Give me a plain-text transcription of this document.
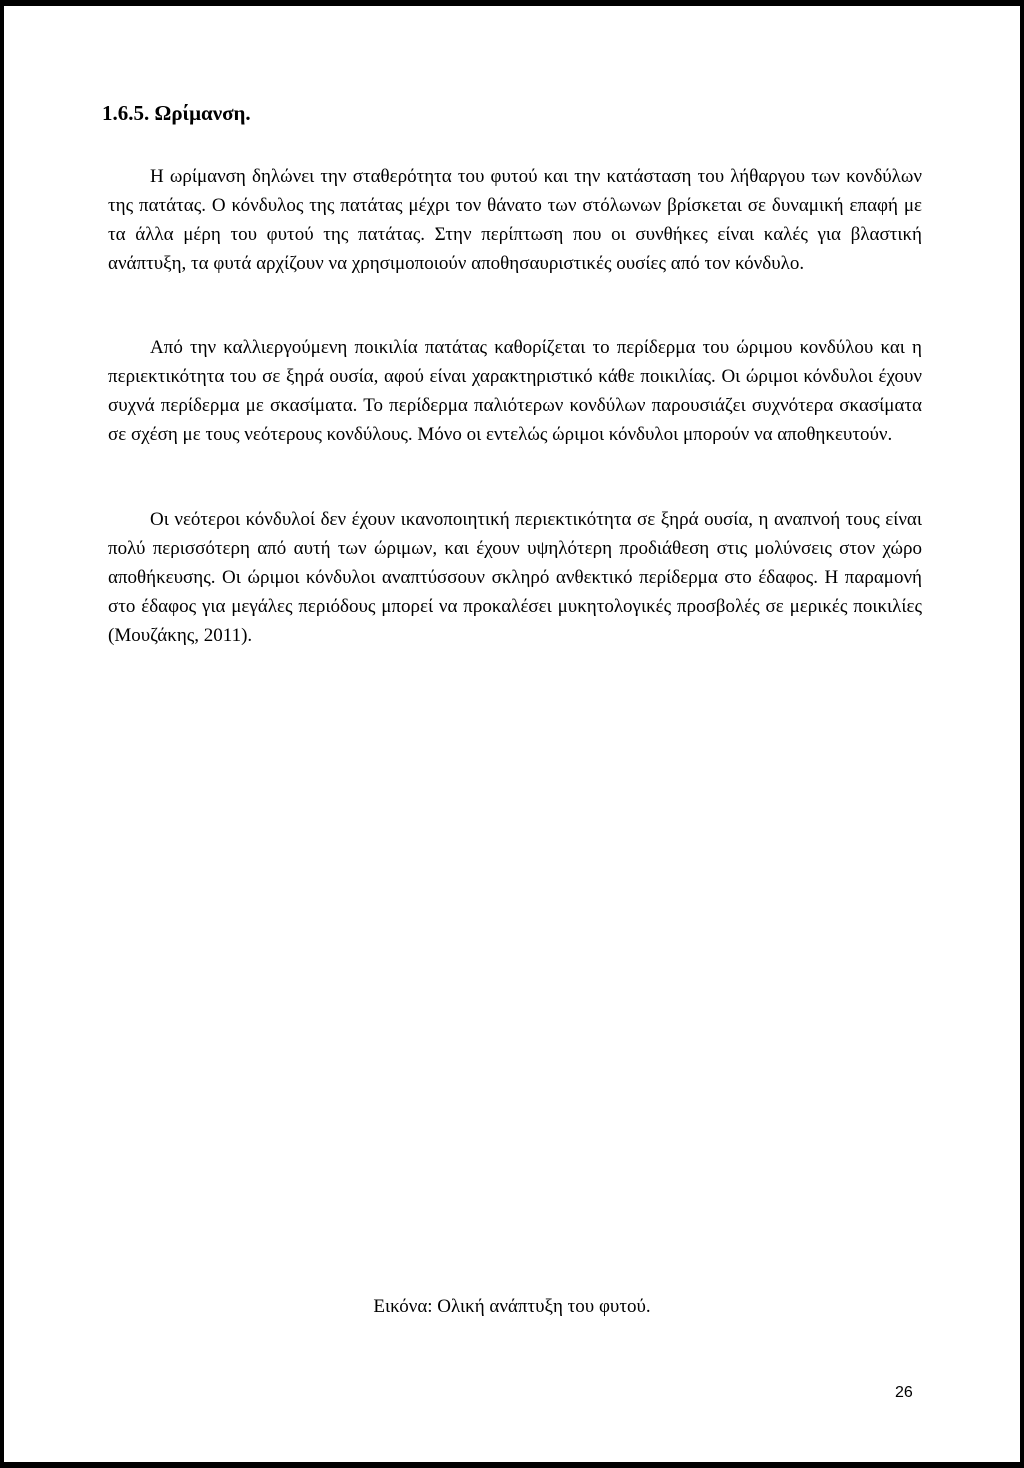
1.6.5. Ωρίμανση.

Η ωρίμανση δηλώνει την σταθερότητα του φυτού και την κατάσταση του λήθαργου των κονδύλων της πατάτας. Ο κόνδυλος της πατάτας μέχρι τον θάνατο των στόλωνων βρίσκεται σε δυναμική επαφή με τα άλλα μέρη του φυτού της πατάτας. Στην περίπτωση που οι συνθήκες είναι καλές για βλαστική ανάπτυξη, τα φυτά αρχίζουν να χρησιμοποιούν αποθησαυριστικές ουσίες από τον κόνδυλο.

Από την καλλιεργούμενη ποικιλία πατάτας καθορίζεται το περίδερμα του ώριμου κονδύλου και η περιεκτικότητα του σε ξηρά ουσία, αφού είναι χαρακτηριστικό κάθε ποικιλίας. Οι ώριμοι κόνδυλοι έχουν συχνά περίδερμα με σκασίματα. Το περίδερμα παλιότερων κονδύλων παρουσιάζει συχνότερα σκασίματα σε σχέση με τους νεότερους κονδύλους. Μόνο οι εντελώς ώριμοι κόνδυλοι μπορούν να αποθηκευτούν.

Οι νεότεροι κόνδυλοί δεν έχουν ικανοποιητική περιεκτικότητα σε ξηρά ουσία, η αναπνοή τους είναι πολύ περισσότερη από αυτή των ώριμων, και έχουν υψηλότερη προδιάθεση στις μολύνσεις στον χώρο αποθήκευσης. Οι ώριμοι κόνδυλοι αναπτύσσουν σκληρό ανθεκτικό περίδερμα στο έδαφος. Η παραμονή στο έδαφος για μεγάλες περιόδους μπορεί να προκαλέσει μυκητολογικές προσβολές σε μερικές ποικιλίες (Μουζάκης, 2011).

Εικόνα: Ολική ανάπτυξη του φυτού.
26
